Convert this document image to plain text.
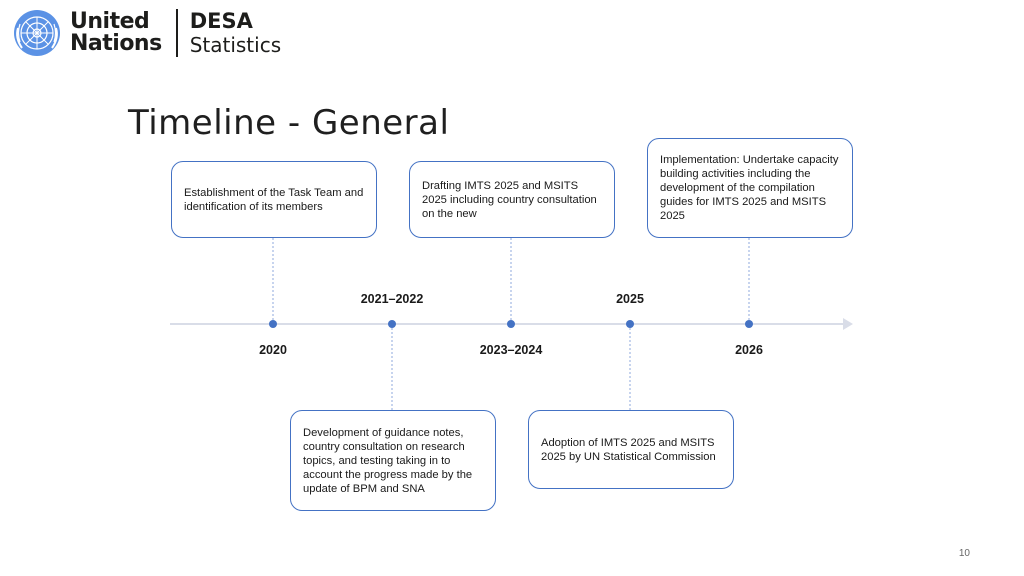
United
Nations
DESA
Statistics
Timeline - General
2020
2021–2022
2023–2024
2025
2026
Establishment of the Task Team and identification of its members
Drafting IMTS 2025 and MSITS 2025 including country consultation on the new
Implementation: Undertake capacity building activities including the development of the compilation guides for IMTS 2025 and MSITS 2025
Development of guidance notes, country consultation on research topics, and testing taking in to account the progress made by the update of BPM and SNA
Adoption of IMTS 2025 and MSITS 2025 by UN Statistical Commission
10
